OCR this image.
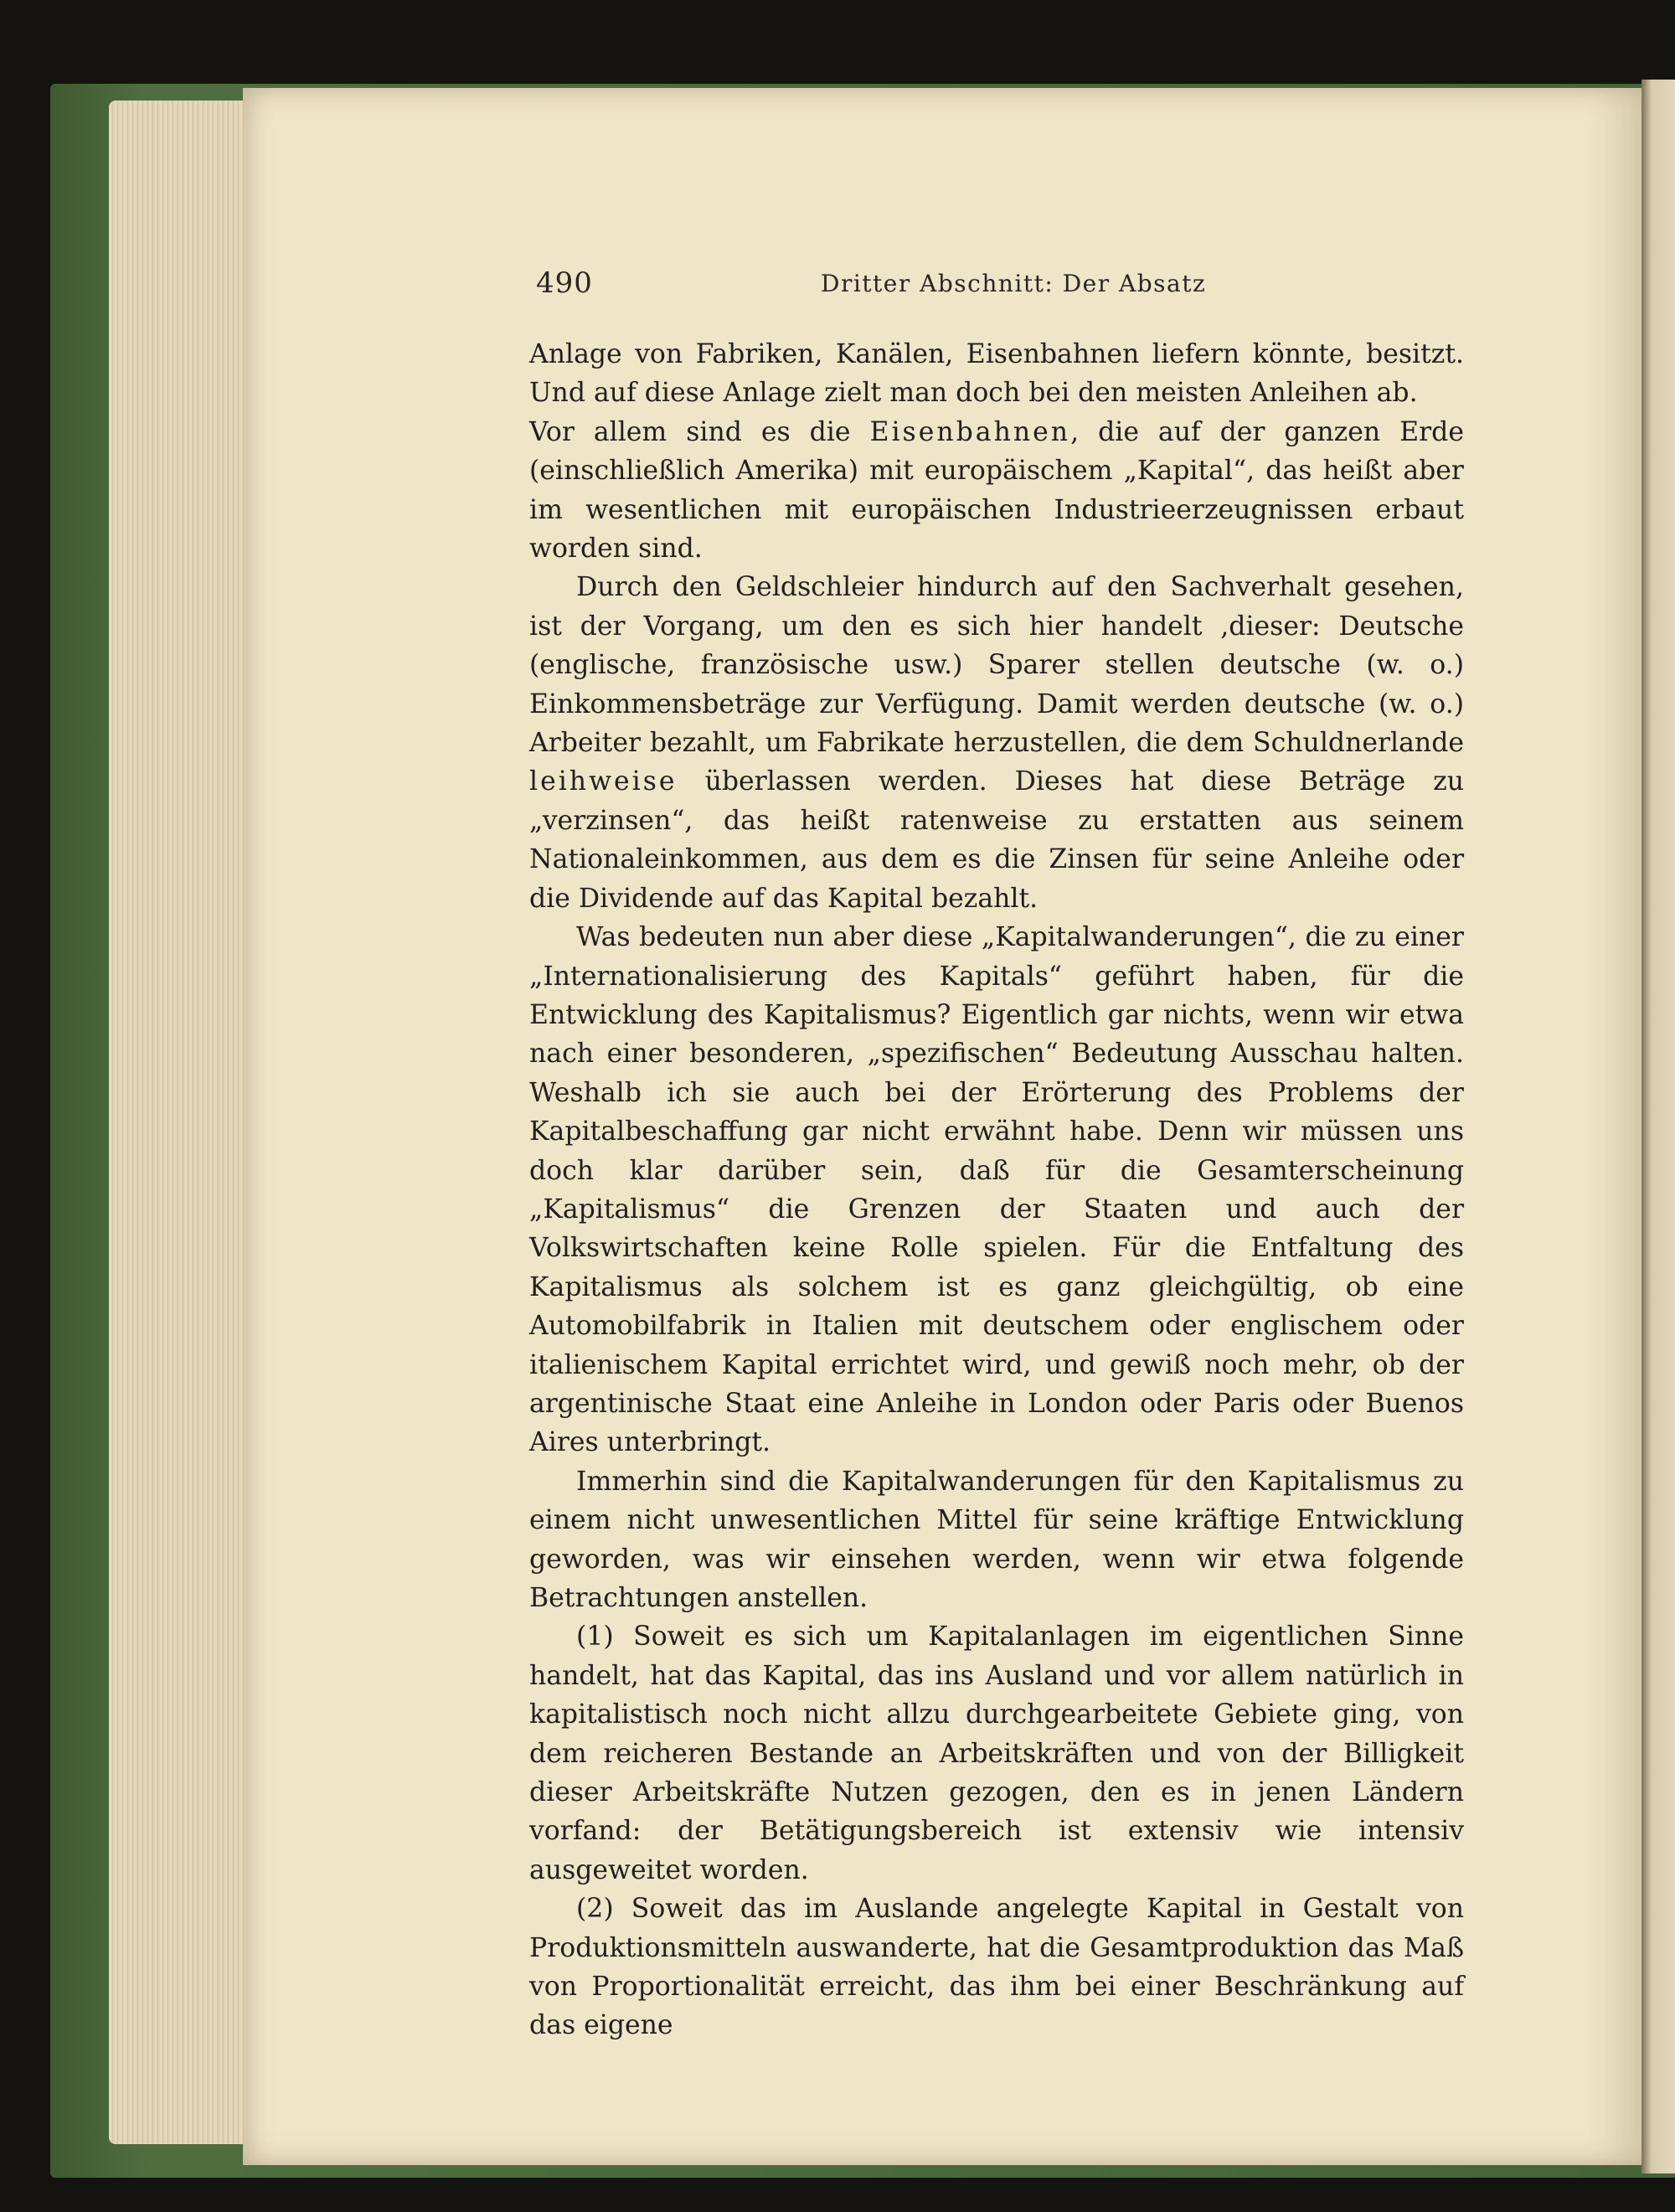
490	Dritter Abschnitt: Der Absatz

Anlage von Fabriken, Kanälen, Eisenbahnen liefern könnte, besitzt. Und auf diese Anlage zielt man doch bei den meisten Anleihen ab.

Vor allem sind es die Eisenbahnen, die auf der ganzen Erde (einschließlich Amerika) mit europäischem „Kapital“, das heißt aber im wesentlichen mit europäischen Industrieerzeugnissen erbaut worden sind.

Durch den Geldschleier hindurch auf den Sachverhalt gesehen, ist der Vorgang, um den es sich hier handelt ,dieser: Deutsche (englische, französische usw.) Sparer stellen deutsche (w. o.) Einkommensbeträge zur Verfügung. Damit werden deutsche (w. o.) Arbeiter bezahlt, um Fabrikate herzustellen, die dem Schuldnerlande leihweise überlassen werden. Dieses hat diese Beträge zu „verzinsen“, das heißt ratenweise zu erstatten aus seinem Nationaleinkommen, aus dem es die Zinsen für seine Anleihe oder die Dividende auf das Kapital bezahlt.

Was bedeuten nun aber diese „Kapitalwanderungen“, die zu einer „Internationalisierung des Kapitals“ geführt haben, für die Entwicklung des Kapitalismus? Eigentlich gar nichts, wenn wir etwa nach einer besonderen, „spezifischen“ Bedeutung Ausschau halten. Weshalb ich sie auch bei der Erörterung des Problems der Kapitalbeschaffung gar nicht erwähnt habe. Denn wir müssen uns doch klar darüber sein, daß für die Gesamterscheinung „Kapitalismus“ die Grenzen der Staaten und auch der Volkswirtschaften keine Rolle spielen. Für die Entfaltung des Kapitalismus als solchem ist es ganz gleichgültig, ob eine Automobilfabrik in Italien mit deutschem oder englischem oder italienischem Kapital errichtet wird, und gewiß noch mehr, ob der argentinische Staat eine Anleihe in London oder Paris oder Buenos Aires unterbringt.

Immerhin sind die Kapitalwanderungen für den Kapitalismus zu einem nicht unwesentlichen Mittel für seine kräftige Entwicklung geworden, was wir einsehen werden, wenn wir etwa folgende Betrachtungen anstellen.

(1) Soweit es sich um Kapitalanlagen im eigentlichen Sinne handelt, hat das Kapital, das ins Ausland und vor allem natürlich in kapitalistisch noch nicht allzu durchgearbeitete Gebiete ging, von dem reicheren Bestande an Arbeitskräften und von der Billigkeit dieser Arbeitskräfte Nutzen gezogen, den es in jenen Ländern vorfand: der Betätigungsbereich ist extensiv wie intensiv ausgeweitet worden.

(2) Soweit das im Auslande angelegte Kapital in Gestalt von Produktionsmitteln auswanderte, hat die Gesamtproduktion das Maß von Proportionalität erreicht, das ihm bei einer Beschränkung auf das eigene
